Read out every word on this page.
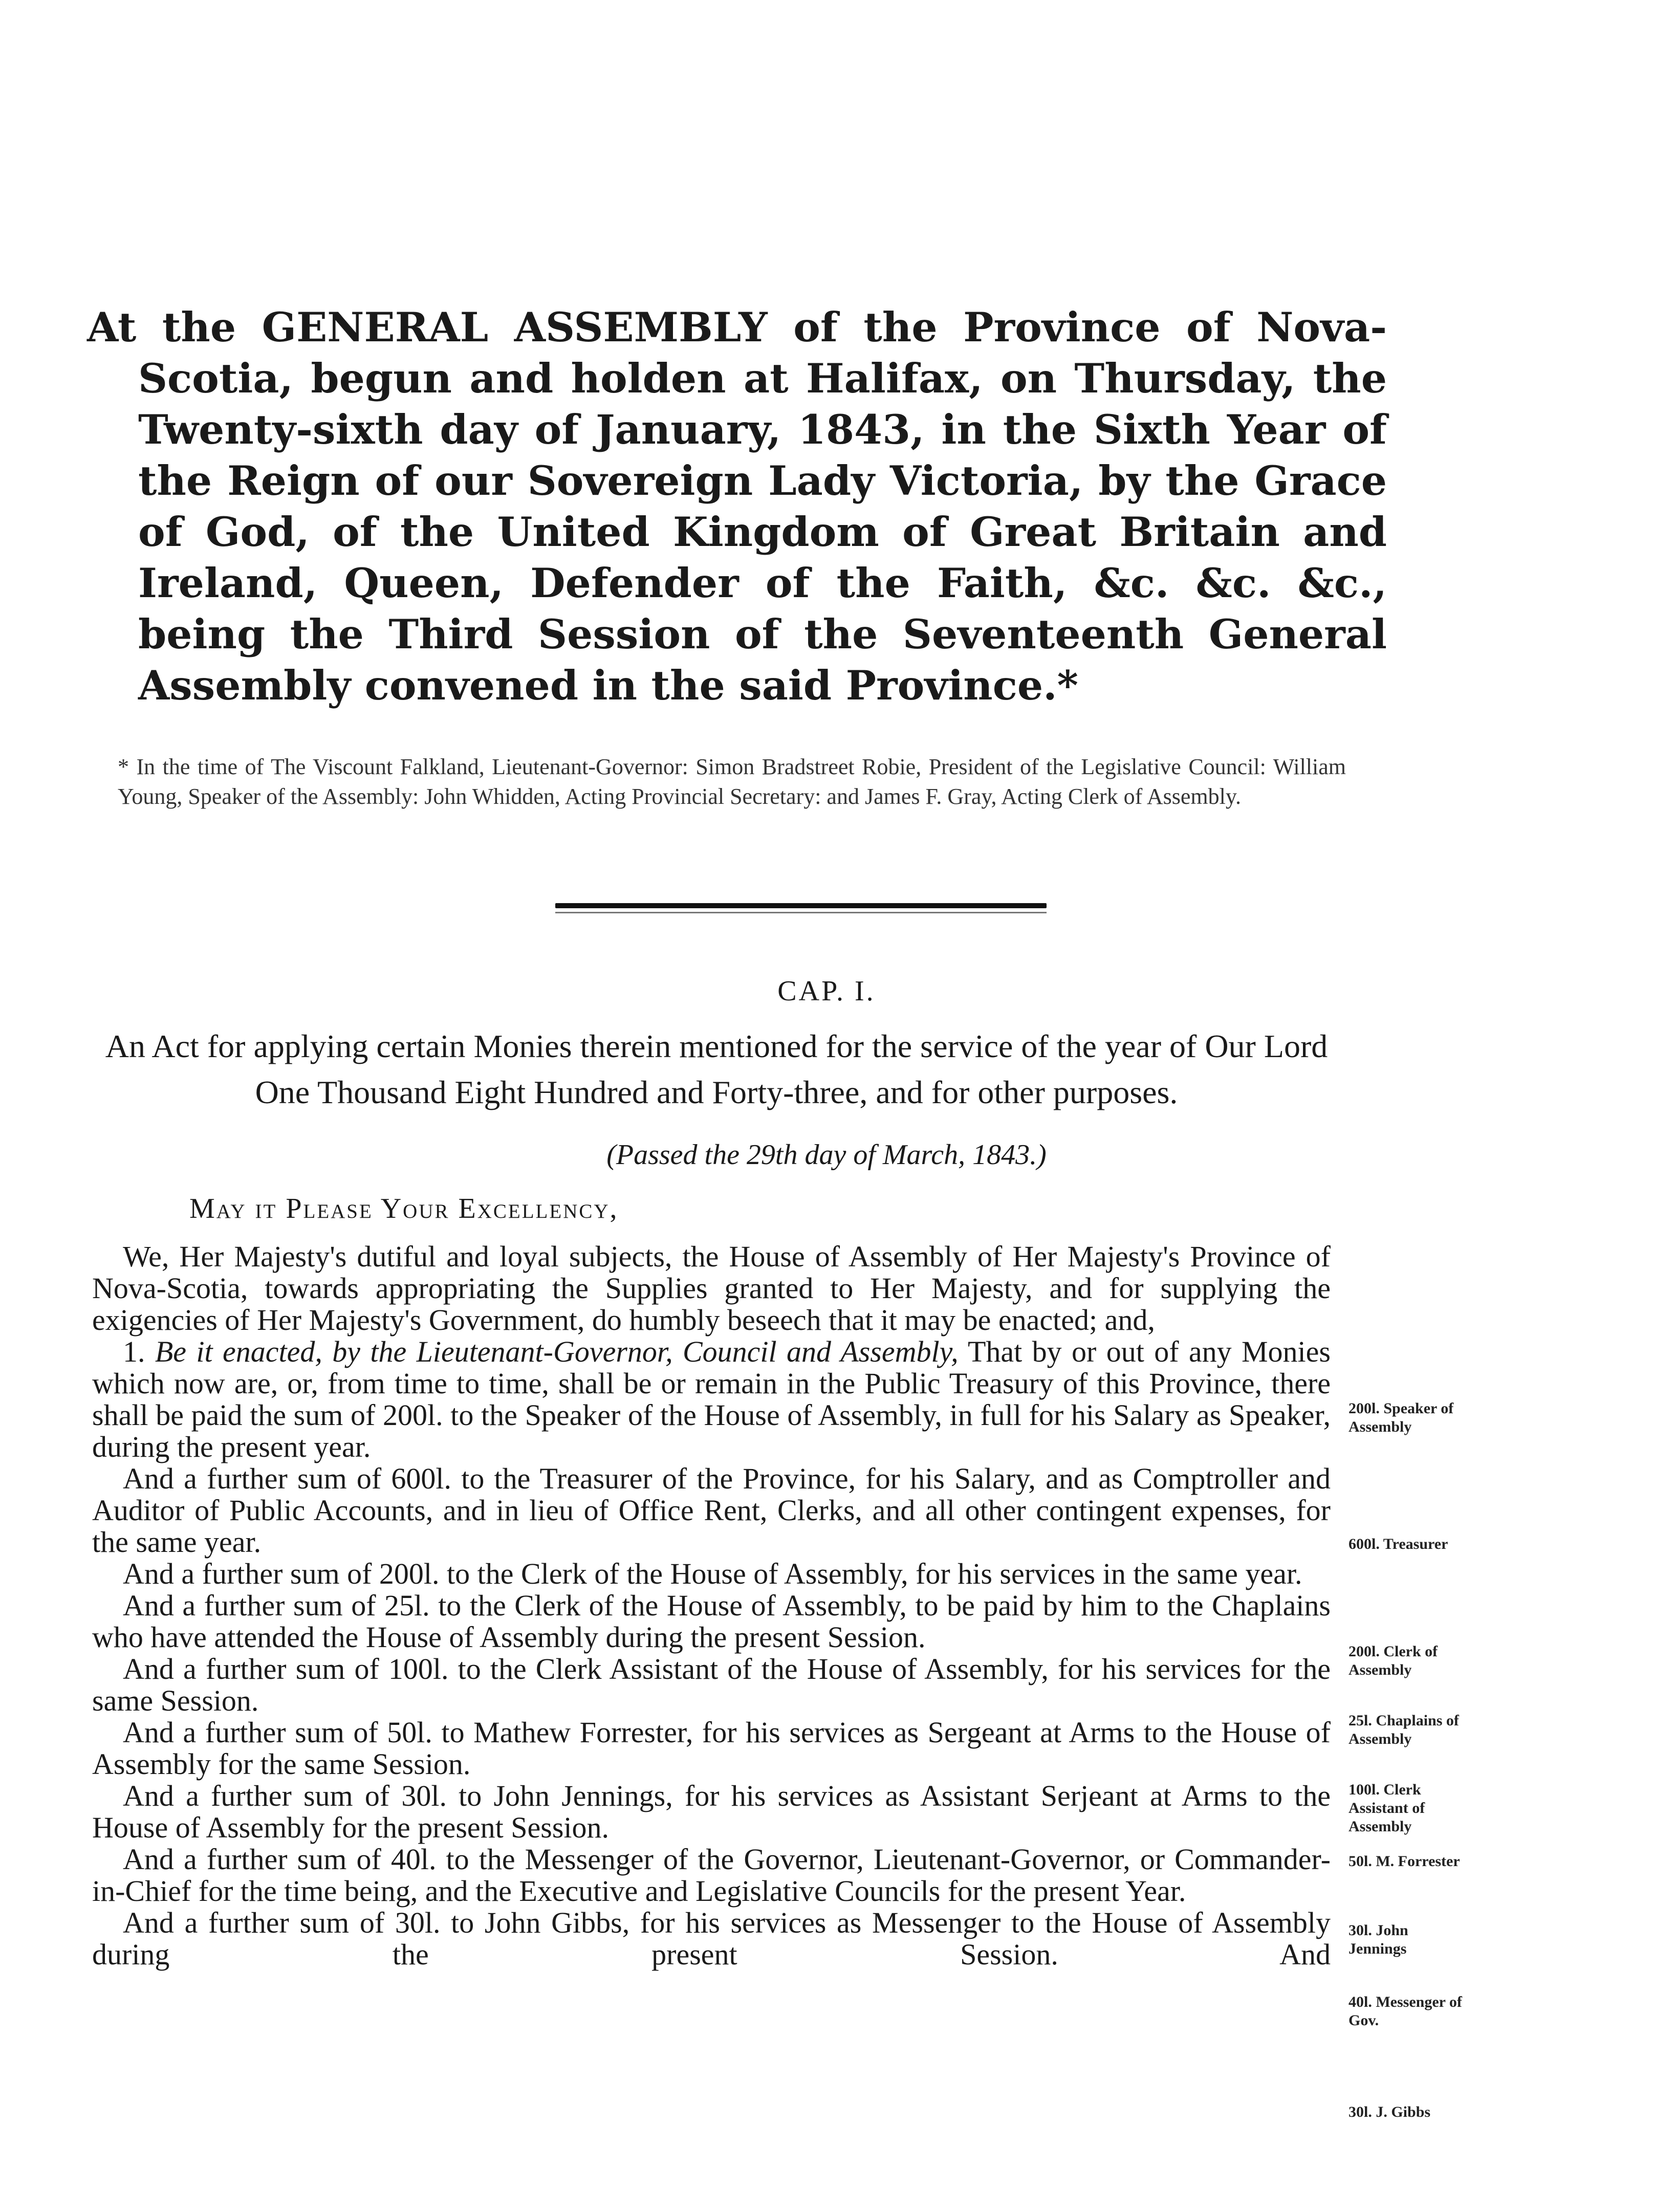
At the GENERAL ASSEMBLY of the Province of Nova-Scotia, begun and holden at Halifax, on Thursday, the Twenty-sixth day of January, 1843, in the Sixth Year of the Reign of our Sovereign Lady Victoria, by the Grace of God, of the United Kingdom of Great Britain and Ireland, Queen, Defender of the Faith, &c. &c. &c., being the Third Session of the Seventeenth General Assembly convened in the said Province.*

* In the time of The Viscount Falkland, Lieutenant-Governor: Simon Bradstreet Robie, President of the Legislative Council: William Young, Speaker of the Assembly: John Whidden, Acting Provincial Secretary: and James F. Gray, Acting Clerk of Assembly.

CAP. I.

An Act for applying certain Monies therein mentioned for the service of the year of Our Lord One Thousand Eight Hundred and Forty-three, and for other purposes.

(Passed the 29th day of March, 1843.)

May it Please Your Excellency,

We, Her Majesty's dutiful and loyal subjects, the House of Assembly of Her Majesty's Province of Nova-Scotia, towards appropriating the Supplies granted to Her Majesty, and for supplying the exigencies of Her Majesty's Government, do humbly beseech that it may be enacted; and,

1. Be it enacted, by the Lieutenant-Governor, Council and Assembly, That by or out of any Monies which now are, or, from time to time, shall be or remain in the Public Treasury of this Province, there shall be paid the sum of 200l. to the Speaker of the House of Assembly, in full for his Salary as Speaker, during the present year.

And a further sum of 600l. to the Treasurer of the Province, for his Salary, and as Comptroller and Auditor of Public Accounts, and in lieu of Office Rent, Clerks, and all other contingent expenses, for the same year.

And a further sum of 200l. to the Clerk of the House of Assembly, for his services in the same year.

And a further sum of 25l. to the Clerk of the House of Assembly, to be paid by him to the Chaplains who have attended the House of Assembly during the present Session.

And a further sum of 100l. to the Clerk Assistant of the House of Assembly, for his services for the same Session.

And a further sum of 50l. to Mathew Forrester, for his services as Sergeant at Arms to the House of Assembly for the same Session.

And a further sum of 30l. to John Jennings, for his services as Assistant Serjeant at Arms to the House of Assembly for the present Session.

And a further sum of 40l. to the Messenger of the Governor, Lieutenant-Governor, or Commander-in-Chief for the time being, and the Executive and Legislative Councils for the present Year.

And a further sum of 30l. to John Gibbs, for his services as Messenger to the House of Assembly during the present Session. And

200l. Speaker of Assembly
600l. Treasurer
200l. Clerk of Assembly
25l. Chaplains of Assembly
100l. Clerk Assistant of Assembly
50l. M. Forrester
30l. John Jennings
40l. Messenger of Gov.
30l. J. Gibbs
